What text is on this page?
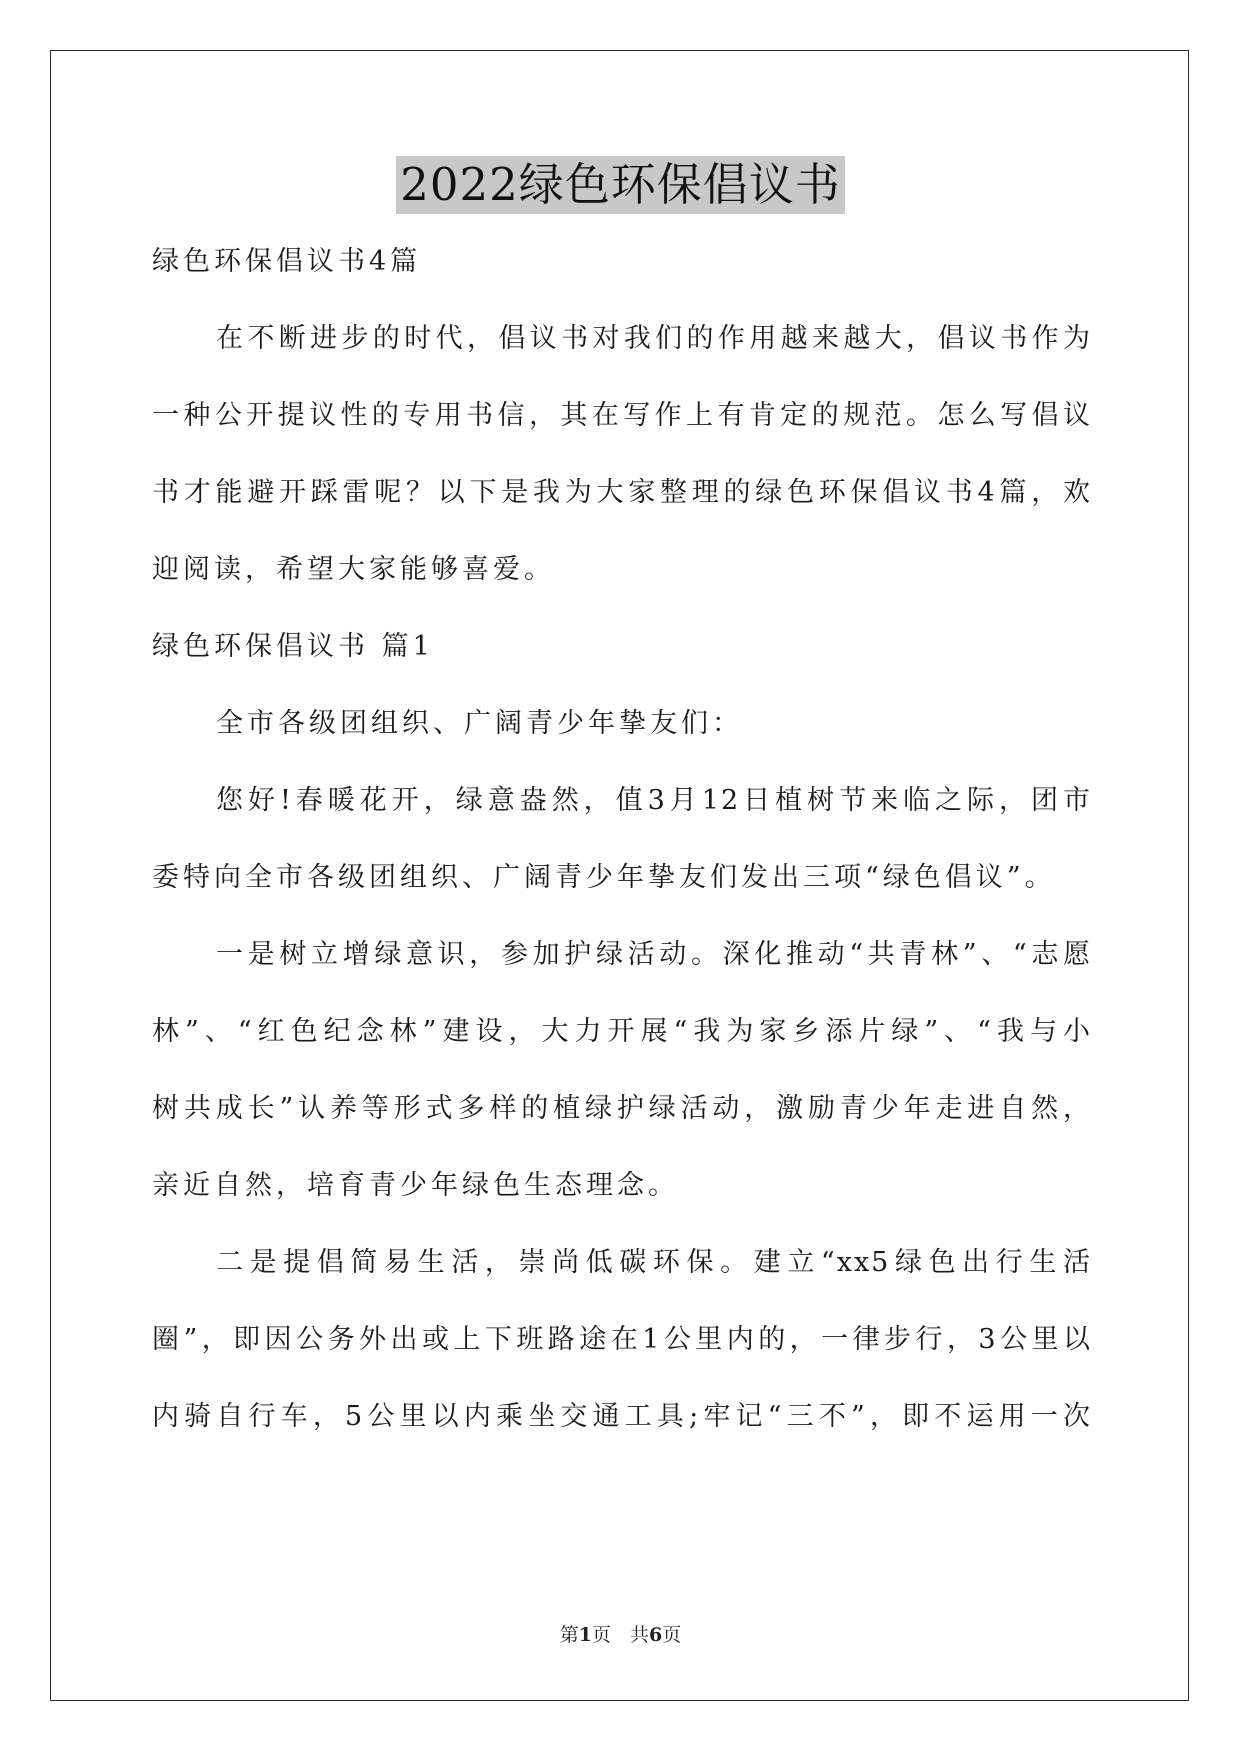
2022绿色环保倡议书
绿色环保倡议书4篇
在不断进步的时代，倡议书对我们的作用越来越大，倡议书作为
一种公开提议性的专用书信，其在写作上有肯定的规范。怎么写倡议
书才能避开踩雷呢？以下是我为大家整理的绿色环保倡议书4篇，欢
迎阅读，希望大家能够喜爱。
绿色环保倡议书 篇1
全市各级团组织、广阔青少年挚友们：
您好!春暖花开，绿意盎然，值3月12日植树节来临之际，团市
委特向全市各级团组织、广阔青少年挚友们发出三项“绿色倡议”。
一是树立增绿意识，参加护绿活动。深化推动“共青林”、“志愿
林”、“红色纪念林”建设，大力开展“我为家乡添片绿”、“我与小
树共成长”认养等形式多样的植绿护绿活动，激励青少年走进自然，
亲近自然，培育青少年绿色生态理念。
二是提倡简易生活，崇尚低碳环保。建立“xx5绿色出行生活
圈”，即因公务外出或上下班路途在1公里内的，一律步行，3公里以
内骑自行车，5公里以内乘坐交通工具;牢记“三不”，即不运用一次
第1页　共6页
